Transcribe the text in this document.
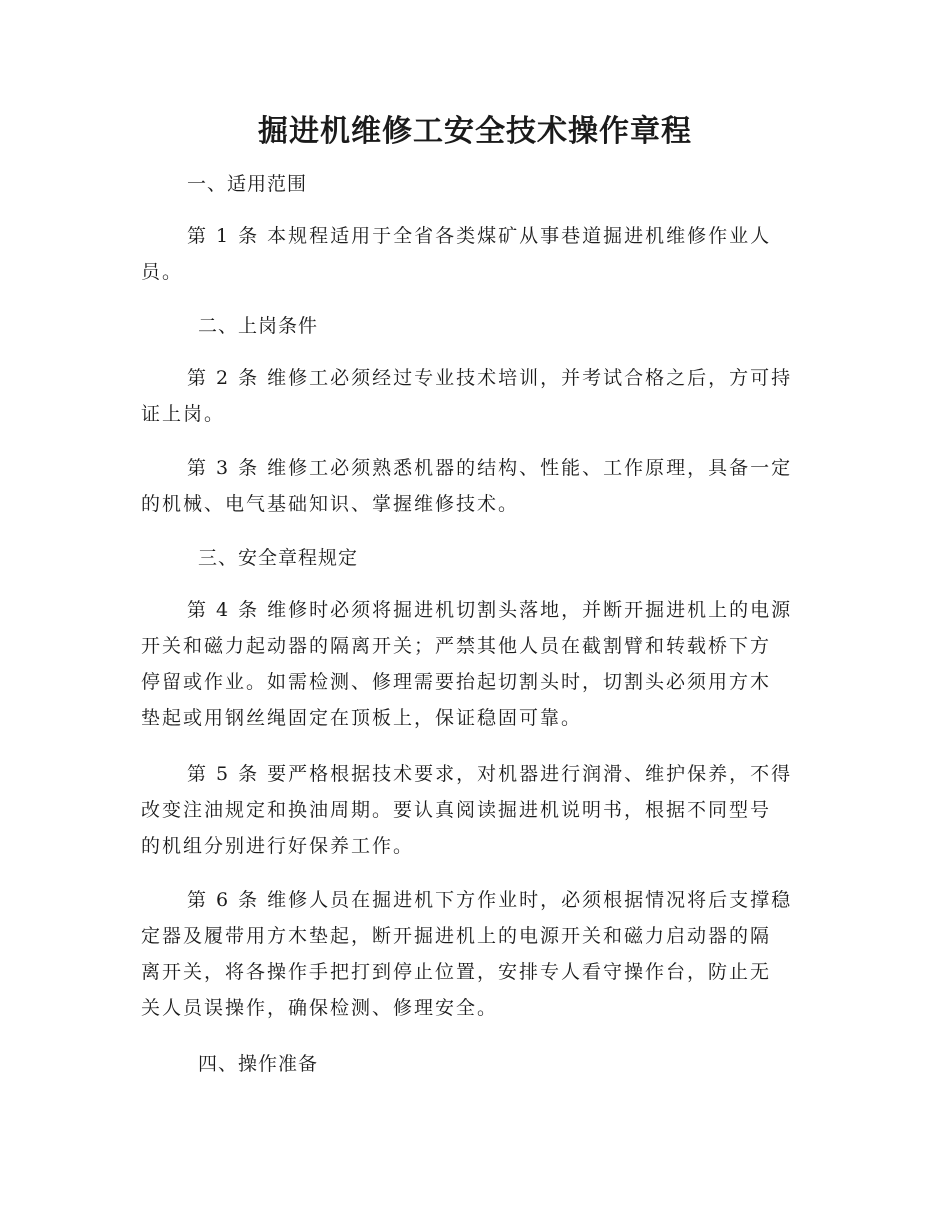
掘进机维修工安全技术操作章程
一、适用范围
第 1 条 本规程适用于全省各类煤矿从事巷道掘进机维修作业人
员。
二、上岗条件
第 2 条 维修工必须经过专业技术培训，并考试合格之后，方可持
证上岗。
第 3 条 维修工必须熟悉机器的结构、性能、工作原理，具备一定
的机械、电气基础知识、掌握维修技术。
三、安全章程规定
第 4 条 维修时必须将掘进机切割头落地，并断开掘进机上的电源
开关和磁力起动器的隔离开关；严禁其他人员在截割臂和转载桥下方
停留或作业。如需检测、修理需要抬起切割头时，切割头必须用方木
垫起或用钢丝绳固定在顶板上，保证稳固可靠。
第 5 条 要严格根据技术要求，对机器进行润滑、维护保养，不得
改变注油规定和换油周期。要认真阅读掘进机说明书，根据不同型号
的机组分别进行好保养工作。
第 6 条 维修人员在掘进机下方作业时，必须根据情况将后支撑稳
定器及履带用方木垫起，断开掘进机上的电源开关和磁力启动器的隔
离开关，将各操作手把打到停止位置，安排专人看守操作台，防止无
关人员误操作，确保检测、修理安全。
四、操作准备
